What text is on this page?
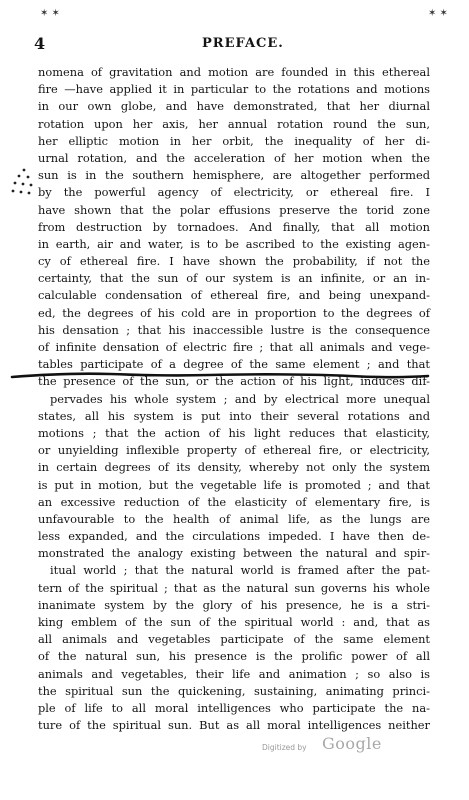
✶ ✶	✶ ✶
4	PREFACE.
nomena of gravitation and motion are founded in this ethereal
fire —have applied it in particular to the rotations and motions
in our own globe, and have demonstrated, that her diurnal
rotation upon her axis, her annual rotation round the sun,
her elliptic motion in her orbit, the inequality of her di-
urnal rotation, and the acceleration of her motion when the
sun is in the southern hemisphere, are altogether performed
by the powerful agency of electricity, or ethereal fire. I
have shown that the polar effusions preserve the torid zone
from destruction by tornadoes. And finally, that all motion
in earth, air and water, is to be ascribed to the existing agen-
cy of ethereal fire. I have shown the probability, if not the
certainty, that the sun of our system is an infinite, or an in-
calculable condensation of ethereal fire, and being unexpand-
ed, the degrees of his cold are in proportion to the degrees of
his densation ; that his inaccessible lustre is the consequence
of infinite densation of electric fire ; that all animals and vege-
tables participate of a degree of the same element ; and that
the presence of the sun, or the action of his light, induces dif-
pervades his whole system ; and by electrical more unequal
states, all his system is put into their several rotations and
motions ; that the action of his light reduces that elasticity,
or unyielding inflexible property of ethereal fire, or electricity,
in certain degrees of its density, whereby not only the system
is put in motion, but the vegetable life is promoted ; and that
an excessive reduction of the elasticity of elementary fire, is
unfavourable to the health of animal life, as the lungs are
less expanded, and the circulations impeded. I have then de-
monstrated the analogy existing between the natural and spir-
itual world ; that the natural world is framed after the pat-
tern of the spiritual ; that as the natural sun governs his whole
inanimate system by the glory of his presence, he is a stri-
king emblem of the sun of the spiritual world : and, that as
all animals and vegetables participate of the same element
of the natural sun, his presence is the prolific power of all
animals and vegetables, their life and animation ; so also is
the spiritual sun the quickening, sustaining, animating princi-
ple of life to all moral intelligences who participate the na-
ture of the spiritual sun. But as all moral intelligences neither
Digitized by Google
